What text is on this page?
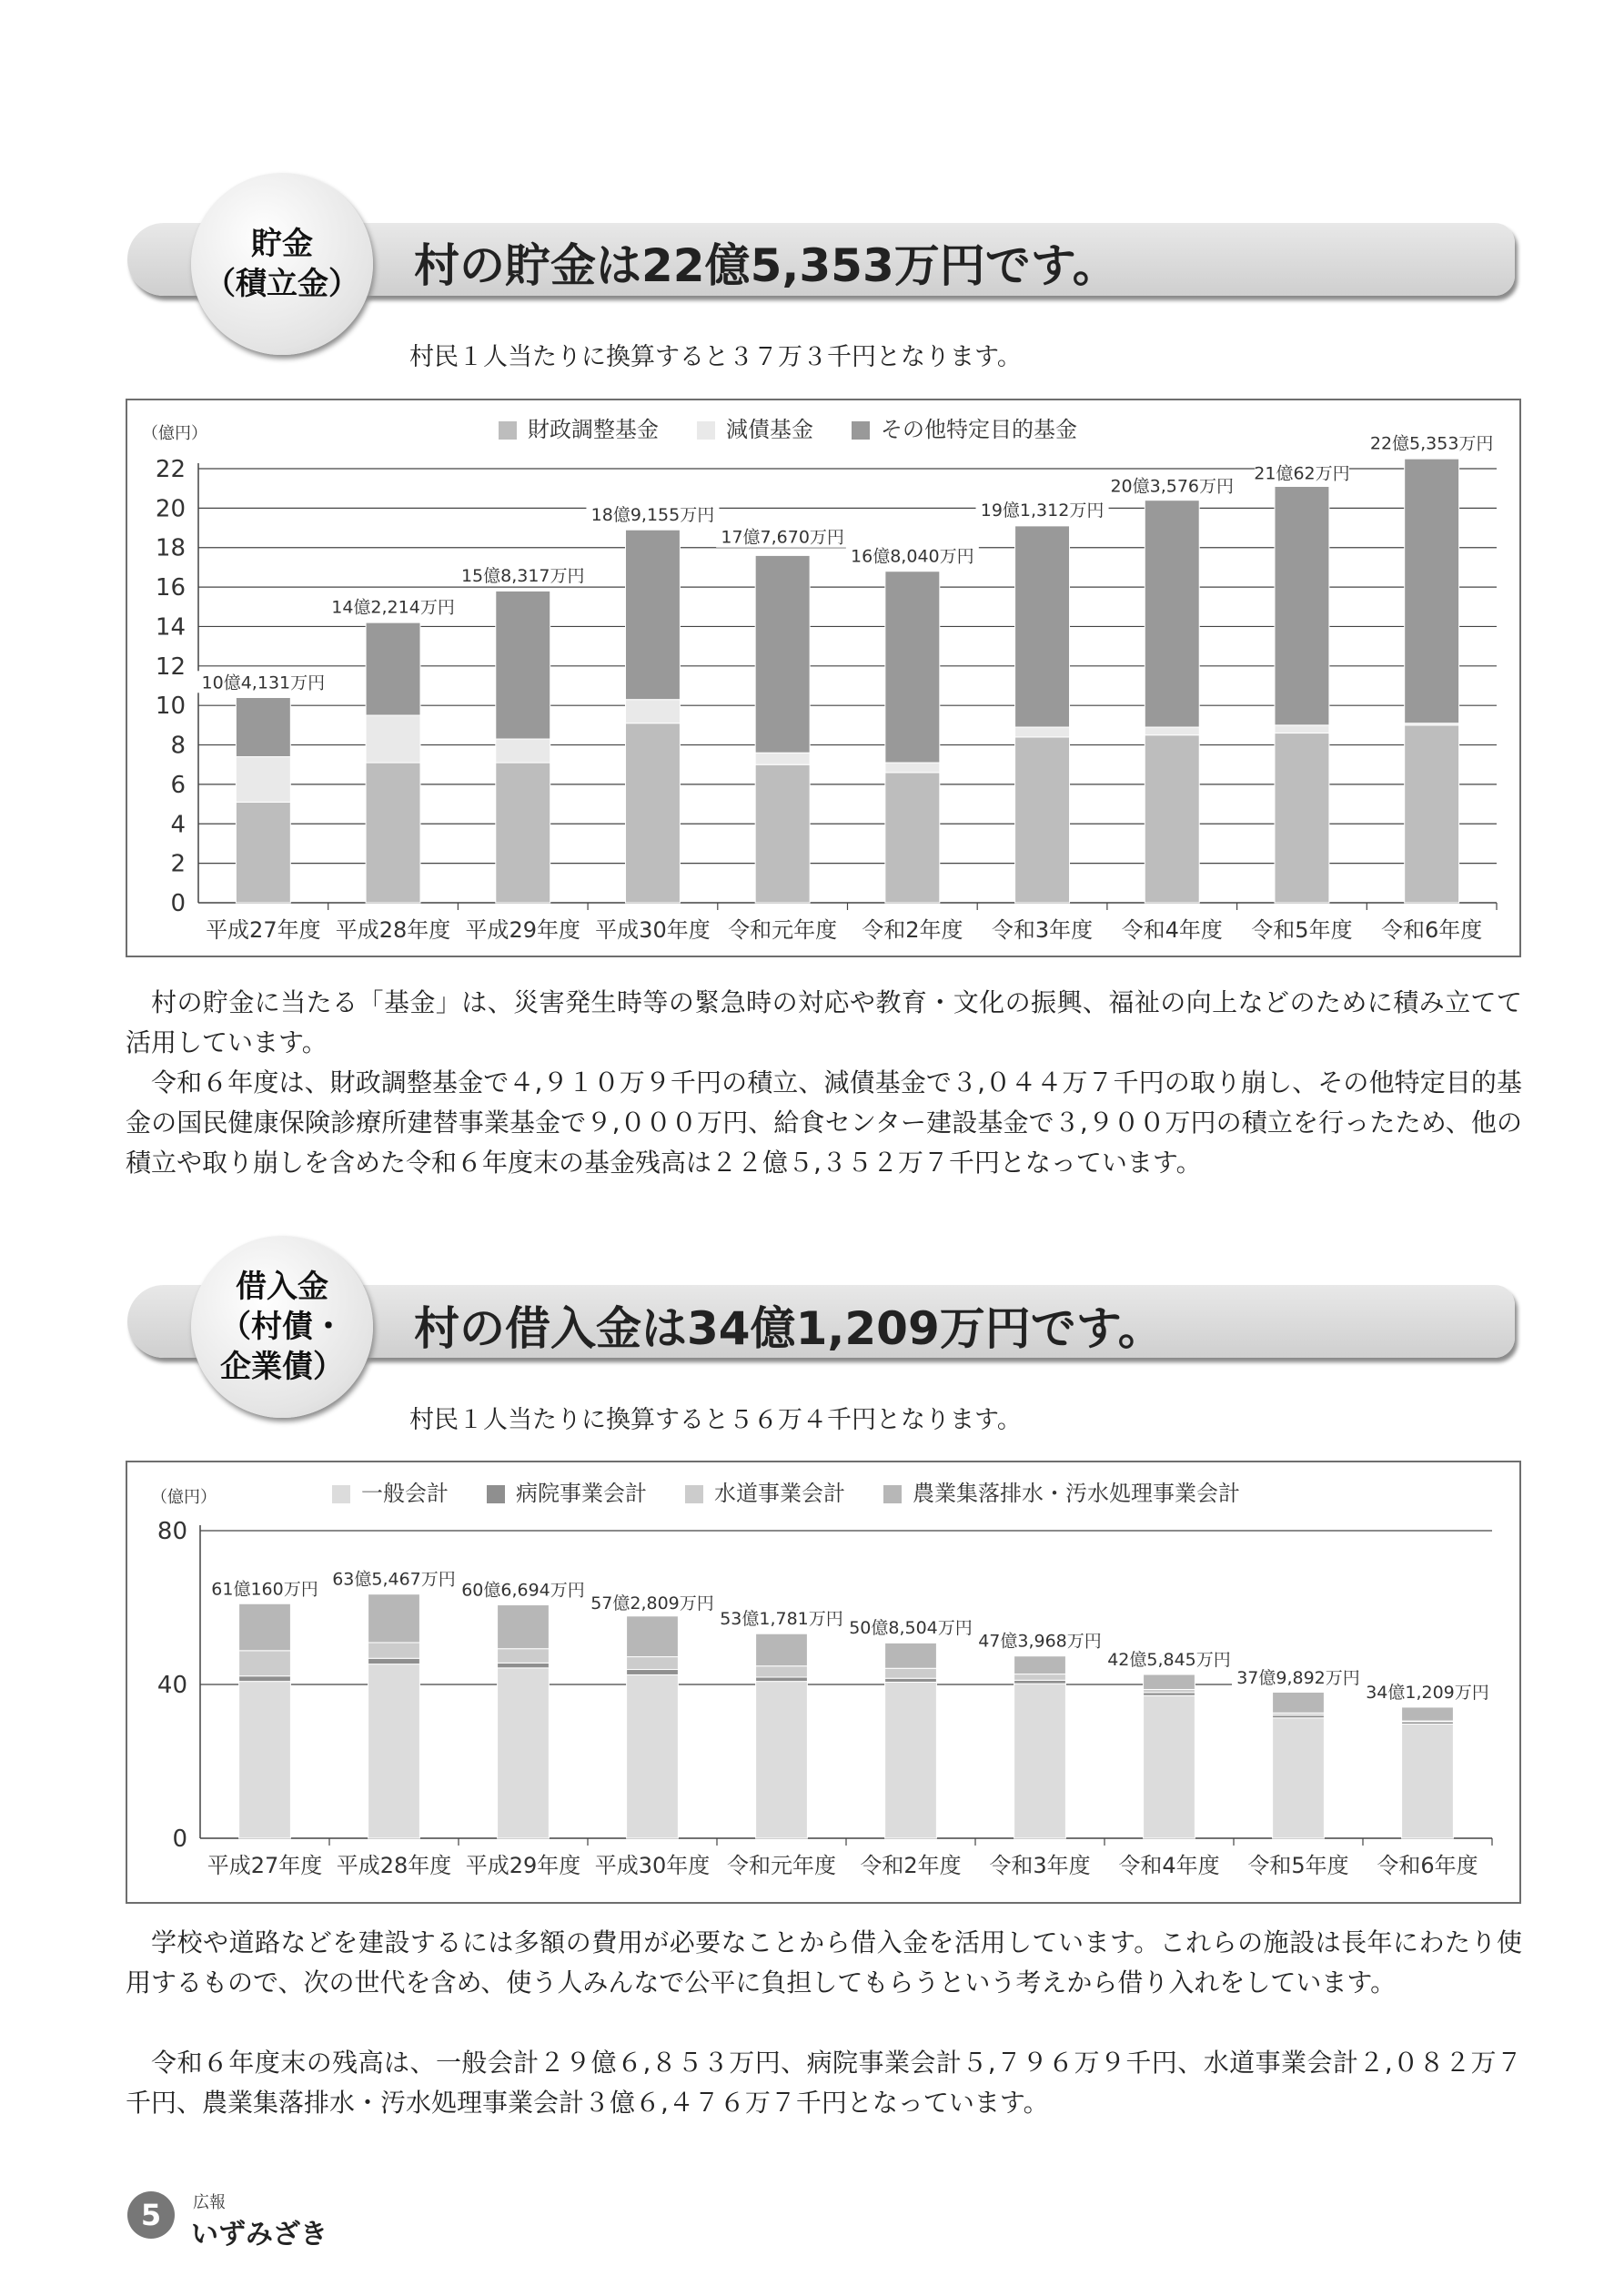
貯金
（積立金） 村の貯金は22億5,353万円です。
村民１人当たりに換算すると３７万３千円となります。
財政調整基金	減債基金	その他特定目的基金
（億円）
0
2
4
6
8
10
12
14
16
18
20
22
平成27年度
10億4,131万円
平成28年度
14億2,214万円
平成29年度
15億8,317万円
平成30年度
18億9,155万円
令和元年度
17億7,670万円
令和2年度
16億8,040万円
令和3年度
19億1,312万円
令和4年度
20億3,576万円
令和5年度
21億62万円
令和6年度
22億5,353万円
村の貯金に当たる「基金」は、災害発生時等の緊急時の対応や教育・文化の振興、福祉の向上などのために積み立てて活用しています。
令和６年度は、財政調整基金で４,９１０万９千円の積立、減債基金で３,０４４万７千円の取り崩し、その他特定目的基金の国民健康保険診療所建替事業基金で９,０００万円、給食センター建設基金で３,９００万円の積立を行ったため、他の積立や取り崩しを含めた令和６年度末の基金残高は２２億５,３５２万７千円となっています。
借入金
（村債・
企業債）
村の借入金は34億1,209万円です。
村民１人当たりに換算すると５６万４千円となります。
一般会計	病院事業会計	水道事業会計	農業集落排水・汚水処理事業会計
（億円）
0
40
80
平成27年度
61億160万円
平成28年度
63億5,467万円
平成29年度
60億6,694万円
平成30年度
57億2,809万円
令和元年度
53億1,781万円
令和2年度
50億8,504万円
令和3年度
47億3,968万円
令和4年度
42億5,845万円
令和5年度
37億9,892万円
令和6年度
34億1,209万円
学校や道路などを建設するには多額の費用が必要なことから借入金を活用しています。これらの施設は長年にわたり使用するもので、次の世代を含め、使う人みんなで公平に負担してもらうという考えから借り入れをしています。
令和６年度末の残高は、一般会計２９億６,８５３万円、病院事業会計５,７９６万９千円、水道事業会計２,０８２万７千円、農業集落排水・汚水処理事業会計３億６,４７６万７千円となっています。
5	広報
いずみざき
